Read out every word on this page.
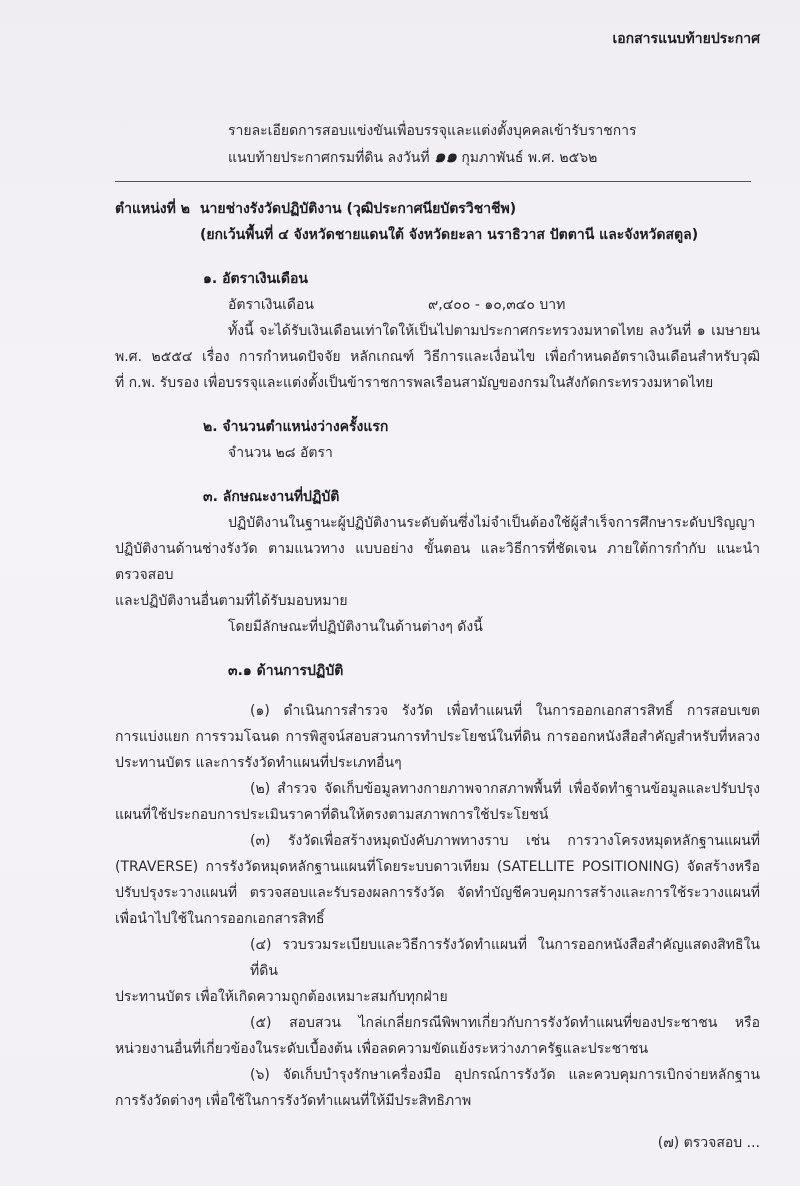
เอกสารแนบท้ายประกาศ
รายละเอียดการสอบแข่งขันเพื่อบรรจุและแต่งตั้งบุคคลเข้ารับราชการ
แนบท้ายประกาศกรมที่ดิน ลงวันที่ ๑๑ กุมภาพันธ์ พ.ศ. ๒๕๖๒
ตำแหน่งที่ ๒ นายช่างรังวัดปฏิบัติงาน (วุฒิประกาศนียบัตรวิชาชีพ)
(ยกเว้นพื้นที่ ๔ จังหวัดชายแดนใต้ จังหวัดยะลา นราธิวาส ปัตตานี และจังหวัดสตูล)
๑. อัตราเงินเดือน
อัตราเงินเดือน	๙,๔๐๐ - ๑๐,๓๔๐ บาท
ทั้งนี้ จะได้รับเงินเดือนเท่าใดให้เป็นไปตามประกาศกระทรวงมหาดไทย ลงวันที่ ๑ เมษายน
พ.ศ. ๒๕๕๔ เรื่อง การกำหนดปัจจัย หลักเกณฑ์ วิธีการและเงื่อนไข เพื่อกำหนดอัตราเงินเดือนสำหรับวุฒิ
ที่ ก.พ. รับรอง เพื่อบรรจุและแต่งตั้งเป็นข้าราชการพลเรือนสามัญของกรมในสังกัดกระทรวงมหาดไทย
๒. จำนวนตำแหน่งว่างครั้งแรก
จำนวน ๒๘ อัตรา
๓. ลักษณะงานที่ปฏิบัติ
ปฏิบัติงานในฐานะผู้ปฏิบัติงานระดับต้นซึ่งไม่จำเป็นต้องใช้ผู้สำเร็จการศึกษาระดับปริญญา
ปฏิบัติงานด้านช่างรังวัด ตามแนวทาง แบบอย่าง ขั้นตอน และวิธีการที่ชัดเจน ภายใต้การกำกับ แนะนำ ตรวจสอบ
และปฏิบัติงานอื่นตามที่ได้รับมอบหมาย
โดยมีลักษณะที่ปฏิบัติงานในด้านต่างๆ ดังนี้
๓.๑ ด้านการปฏิบัติ
(๑) ดำเนินการสำรวจ รังวัด เพื่อทำแผนที่ ในการออกเอกสารสิทธิ์ การสอบเขต
การแบ่งแยก การรวมโฉนด การพิสูจน์สอบสวนการทำประโยชน์ในที่ดิน การออกหนังสือสำคัญสำหรับที่หลวง
ประทานบัตร และการรังวัดทำแผนที่ประเภทอื่นๆ
(๒) สำรวจ จัดเก็บข้อมูลทางกายภาพจากสภาพพื้นที่ เพื่อจัดทำฐานข้อมูลและปรับปรุง
แผนที่ใช้ประกอบการประเมินราคาที่ดินให้ตรงตามสภาพการใช้ประโยชน์
(๓) รังวัดเพื่อสร้างหมุดบังคับภาพทางราบ เช่น การวางโครงหมุดหลักฐานแผนที่
(TRAVERSE) การรังวัดหมุดหลักฐานแผนที่โดยระบบดาวเทียม (SATELLITE POSITIONING) จัดสร้างหรือ
ปรับปรุงระวางแผนที่ ตรวจสอบและรับรองผลการรังวัด จัดทำบัญชีควบคุมการสร้างและการใช้ระวางแผนที่
เพื่อนำไปใช้ในการออกเอกสารสิทธิ์
(๔) รวบรวมระเบียบและวิธีการรังวัดทำแผนที่ ในการออกหนังสือสำคัญแสดงสิทธิในที่ดิน
ประทานบัตร เพื่อให้เกิดความถูกต้องเหมาะสมกับทุกฝ่าย
(๕) สอบสวน ไกล่เกลี่ยกรณีพิพาทเกี่ยวกับการรังวัดทำแผนที่ของประชาชน หรือ
หน่วยงานอื่นที่เกี่ยวข้องในระดับเบื้องต้น เพื่อลดความขัดแย้งระหว่างภาครัฐและประชาชน
(๖) จัดเก็บบำรุงรักษาเครื่องมือ อุปกรณ์การรังวัด และควบคุมการเบิกจ่ายหลักฐาน
การรังวัดต่างๆ เพื่อใช้ในการรังวัดทำแผนที่ให้มีประสิทธิภาพ
(๗) ตรวจสอบ ...
